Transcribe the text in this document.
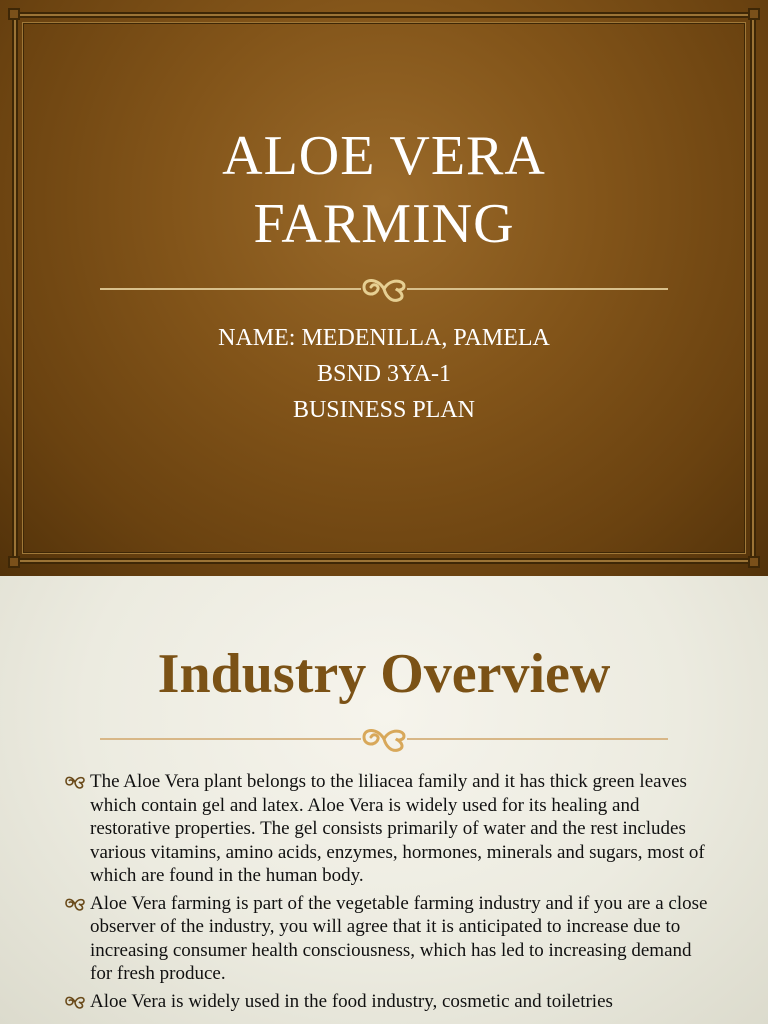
ALOE VERA
FARMING
NAME: MEDENILLA, PAMELA
BSND 3YA-1
BUSINESS PLAN
Industry Overview
The Aloe Vera plant belongs to the liliacea family and it has thick green leaves which contain gel and latex. Aloe Vera is widely used for its healing and restorative properties. The gel consists primarily of water and the rest includes various vitamins, amino acids, enzymes, hormones, minerals and sugars, most of which are found in the human body.
Aloe Vera farming is part of the vegetable farming industry and if you are a close observer of the industry, you will agree that it is anticipated to increase due to increasing consumer health consciousness, which has led to increasing demand for fresh produce.
Aloe Vera is widely used in the food industry, cosmetic and toiletries
